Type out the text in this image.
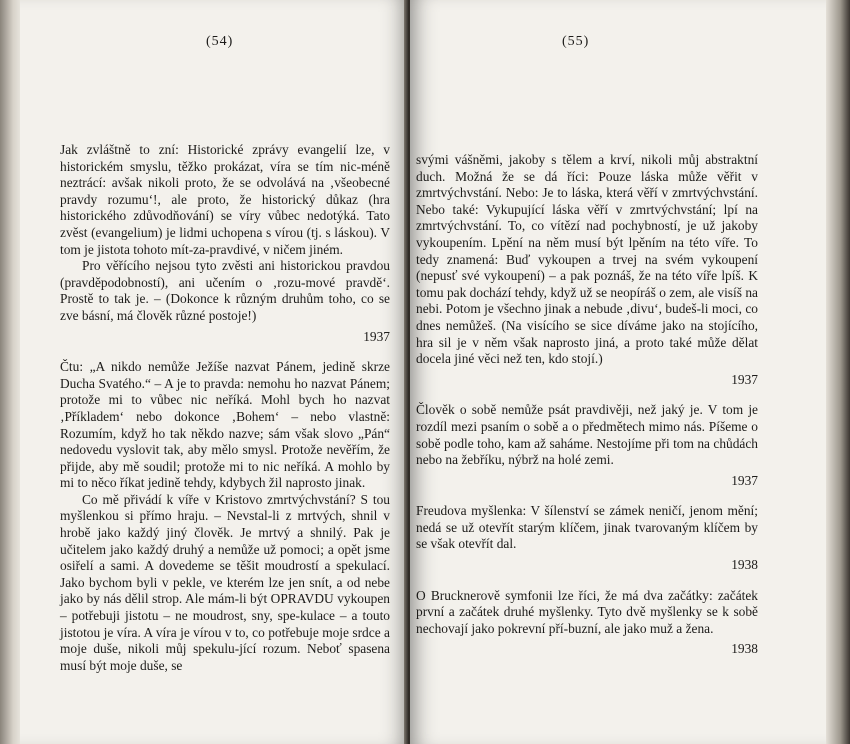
(54)

Jak zvláštně to zní: Historické zprávy evangelií lze, v historickém smyslu, těžko prokázat, víra se tím nic-méně neztrácí: avšak nikoli proto, že se odvolává na ‚všeobecné pravdy rozumu‘!, ale proto, že historický důkaz (hra historického zdůvodňování) se víry vůbec nedotýká. Tato zvěst (evangelium) je lidmi uchopena s vírou (tj. s láskou). V tom je jistota tohoto mít-za-pravdivé, v ničem jiném.

Pro věřícího nejsou tyto zvěsti ani historickou pravdou (pravděpodobností), ani učením o ‚rozu-mové pravdě‘. Prostě to tak je. – (Dokonce k různým druhům toho, co se zve básní, má člověk různé postoje!)

1937

Čtu: „A nikdo nemůže Ježíše nazvat Pánem, jedině skrze Ducha Svatého.“ – A je to pravda: nemohu ho nazvat Pánem; protože mi to vůbec nic neříká. Mohl bych ho nazvat ‚Příkladem‘ nebo dokonce ‚Bohem‘ – nebo vlastně: Rozumím, když ho tak někdo nazve; sám však slovo „Pán“ nedovedu vyslovit tak, aby mělo smysl. Protože nevěřím, že přijde, aby mě soudil; protože mi to nic neříká. A mohlo by mi to něco říkat jedině tehdy, kdybych žil naprosto jinak.

Co mě přivádí k víře v Kristovo zmrtvýchvstání? S tou myšlenkou si přímo hraju. – Nevstal-li z mrtvých, shnil v hrobě jako každý jiný člověk. Je mrtvý a shnilý. Pak je učitelem jako každý druhý a nemůže už pomoci; a opět jsme osiřelí a sami. A dovedeme se těšit moudrostí a spekulací. Jako bychom byli v pekle, ve kterém lze jen snít, a od nebe jako by nás dělil strop. Ale mám-li být OPRAVDU vykoupen – potřebuji jistotu – ne moudrost, sny, spe-kulace – a touto jistotou je víra. A víra je vírou v to, co potřebuje moje srdce a moje duše, nikoli můj spekulu-jící rozum. Neboť spasena musí být moje duše, se

(55)

svými vášněmi, jakoby s tělem a krví, nikoli můj abstraktní duch. Možná že se dá říci: Pouze láska může věřit v zmrtvýchvstání. Nebo: Je to láska, která věří v zmrtvýchvstání. Nebo také: Vykupující láska věří v zmrtvýchvstání; lpí na zmrtvýchvstání. To, co vítězí nad pochybností, je už jakoby vykoupením. Lpění na něm musí být lpěním na této víře. To tedy znamená: Buď vykoupen a trvej na svém vykoupení (nepusť své vykoupení) – a pak poznáš, že na této víře lpíš. K tomu pak dochází tehdy, když už se neopíráš o zem, ale visíš na nebi. Potom je všechno jinak a nebude ‚divu‘, budeš-li moci, co dnes nemůžeš. (Na visícího se sice díváme jako na stojícího, hra sil je v něm však naprosto jiná, a proto také může dělat docela jiné věci než ten, kdo stojí.)

1937

Člověk o sobě nemůže psát pravdivěji, než jaký je. V tom je rozdíl mezi psaním o sobě a o předmětech mimo nás. Píšeme o sobě podle toho, kam až saháme. Nestojíme při tom na chůdách nebo na žebříku, nýbrž na holé zemi.

1937

Freudova myšlenka: V šílenství se zámek neničí, jenom mění; nedá se už otevřít starým klíčem, jinak tvarovaným klíčem by se však otevřít dal.

1938

O Brucknerově symfonii lze říci, že má dva začátky: začátek první a začátek druhé myšlenky. Tyto dvě myšlenky se k sobě nechovají jako pokrevní pří-buzní, ale jako muž a žena.

1938
